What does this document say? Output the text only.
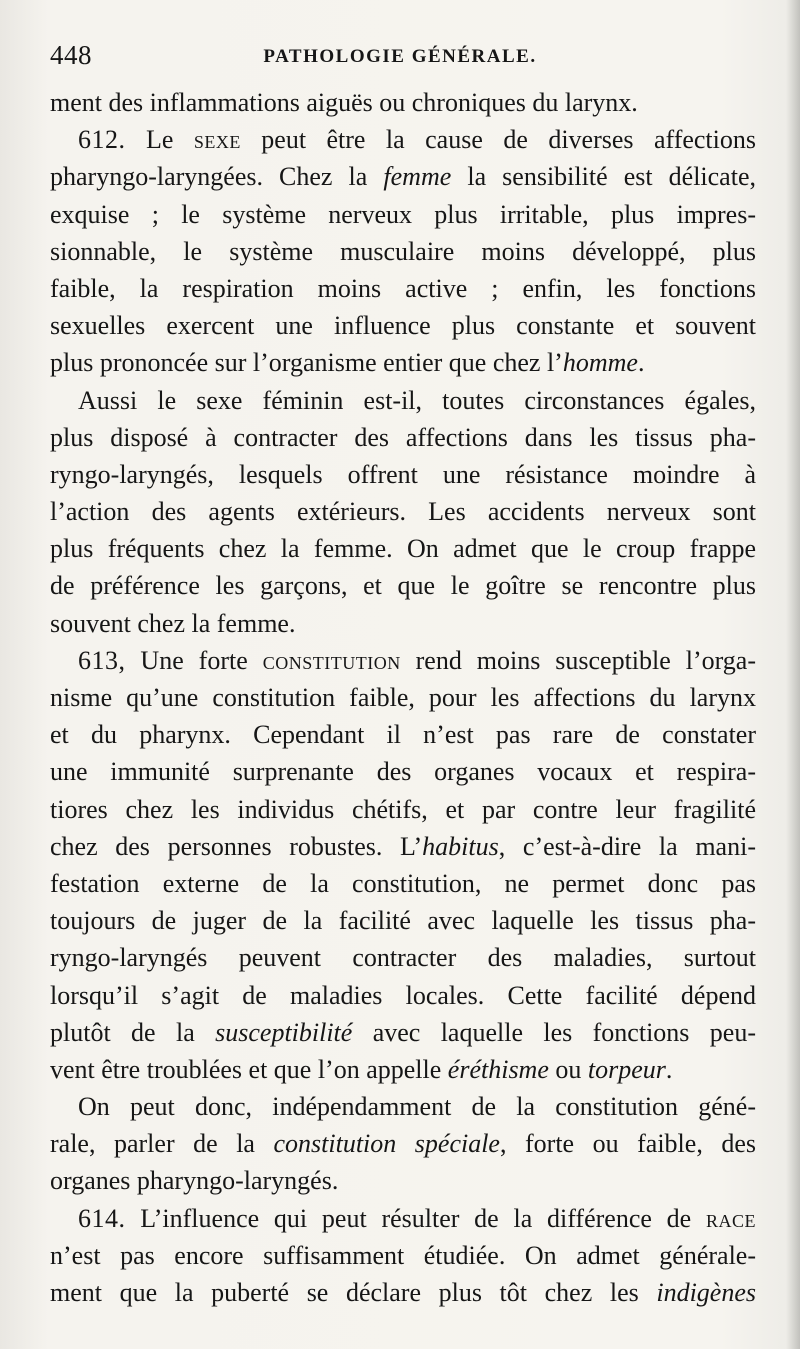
448	PATHOLOGIE GÉNÉRALE.
ment des inflammations aiguës ou chroniques du larynx.
612. Le sexe peut être la cause de diverses affections
pharyngo-laryngées. Chez la femme la sensibilité est délicate,
exquise ; le système nerveux plus irritable, plus impres-
sionnable, le système musculaire moins développé, plus
faible, la respiration moins active ; enfin, les fonctions
sexuelles exercent une influence plus constante et souvent
plus prononcée sur l’organisme entier que chez l’homme.
Aussi le sexe féminin est-il, toutes circonstances égales,
plus disposé à contracter des affections dans les tissus pha-
ryngo-laryngés, lesquels offrent une résistance moindre à
l’action des agents extérieurs. Les accidents nerveux sont
plus fréquents chez la femme. On admet que le croup frappe
de préférence les garçons, et que le goître se rencontre plus
souvent chez la femme.
613, Une forte constitution rend moins susceptible l’orga-
nisme qu’une constitution faible, pour les affections du larynx
et du pharynx. Cependant il n’est pas rare de constater
une immunité surprenante des organes vocaux et respira-
tiores chez les individus chétifs, et par contre leur fragilité
chez des personnes robustes. L’habitus, c’est-à-dire la mani-
festation externe de la constitution, ne permet donc pas
toujours de juger de la facilité avec laquelle les tissus pha-
ryngo-laryngés peuvent contracter des maladies, surtout
lorsqu’il s’agit de maladies locales. Cette facilité dépend
plutôt de la susceptibilité avec laquelle les fonctions peu-
vent être troublées et que l’on appelle éréthisme ou torpeur.
On peut donc, indépendamment de la constitution géné-
rale, parler de la constitution spéciale, forte ou faible, des
organes pharyngo-laryngés.
614. L’influence qui peut résulter de la différence de race
n’est pas encore suffisamment étudiée. On admet générale-
ment que la puberté se déclare plus tôt chez les indigènes
